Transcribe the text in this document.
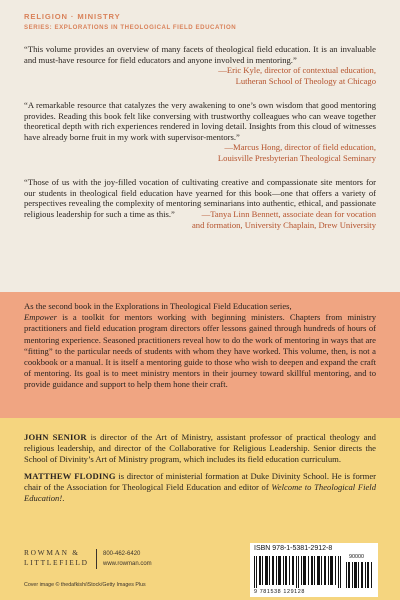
RELIGION · MINISTRY
SERIES: EXPLORATIONS IN THEOLOGICAL FIELD EDUCATION

“This volume provides an overview of many facets of theological field education. It is an invaluable and must-have resource for field educators and anyone involved in mentoring.”

—Eric Kyle, director of contextual education,
Lutheran School of Theology at Chicago

“A remarkable resource that catalyzes the very awakening to one’s own wisdom that good mentoring provides. Reading this book felt like conversing with trustworthy colleagues who can weave together theoretical depth with rich experiences rendered in loving detail. Insights from this cloud of witnesses have already borne fruit in my work with supervisor-mentors.”

—Marcus Hong, director of field education,
Louisville Presbyterian Theological Seminary

“Those of us with the joy-filled vocation of cultivating creative and compassionate site mentors for our students in theological field education have yearned for this book—one that offers a variety of perspectives revealing the complexity of mentoring seminarians into authentic, ethical, and passionate religious leadership for such a time as this.”	—Tanya Linn Bennett, associate dean for vocation

and formation, University Chaplain, Drew University

As the second book in the Explorations in Theological Field Education series,
Empower is a toolkit for mentors working with beginning ministers. Chapters from ministry practitioners and field education program directors offer lessons gained through hundreds of hours of mentoring experience. Seasoned practitioners reveal how to do the work of mentoring in ways that are “fitting” to the particular needs of students with whom they have worked. This volume, then, is not a cookbook or a manual. It is itself a mentoring guide to those who wish to deepen and expand the craft of mentoring. Its goal is to meet ministry mentors in their journey toward skillful mentoring, and to provide guidance and support to help them hone their craft.

JOHN SENIOR is director of the Art of Ministry, assistant professor of practical theology and religious leadership, and director of the Collaborative for Religious Leadership. Senior directs the School of Divinity’s Art of Ministry program, which includes its field education curriculum.

MATTHEW FLODING is director of ministerial formation at Duke Divinity School. He is former chair of the Association for Theological Field Education and editor of Welcome to Theological Field Education!.

ROWMAN &
LITTLEFIELD
800-462-6420
www.rowman.com
Cover image © thedafkish/iStock/Getty Images Plus
ISBN 978-1-5381-2912-8
90000
9 781538 129128
